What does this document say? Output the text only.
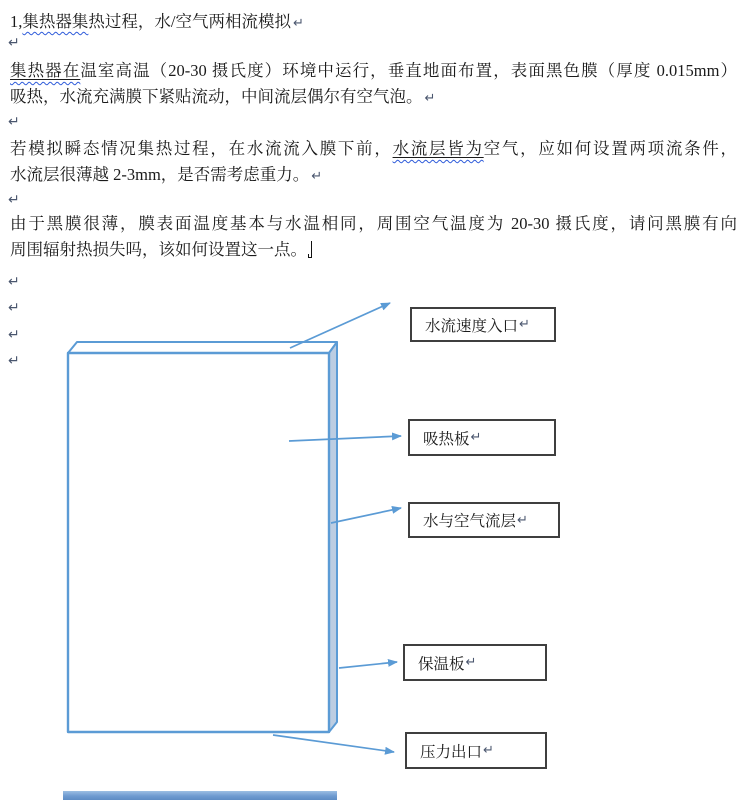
1,集热器集热过程，水/空气两相流模拟 ↵
↵
集热器在温室高温（20-30 摄氏度）环境中运行，垂直地面布置，表面黑色膜（厚度 0.015mm）
吸热，水流充满膜下紧贴流动，中间流层偶尔有空气泡。 ↵
↵
若模拟瞬态情况集热过程，在水流流入膜下前，水流层皆为空气，应如何设置两项流条件，
水流层很薄越 2-3mm，是否需考虑重力。 ↵
↵
由于黑膜很薄，膜表面温度基本与水温相同，周围空气温度为 20-30 摄氏度，请问黑膜有向
周围辐射热损失吗，该如何设置这一点。
↵
↵
↵
↵
水流速度入口 ↵
吸热板 ↵
水与空气流层 ↵
保温板 ↵
压力出口 ↵
